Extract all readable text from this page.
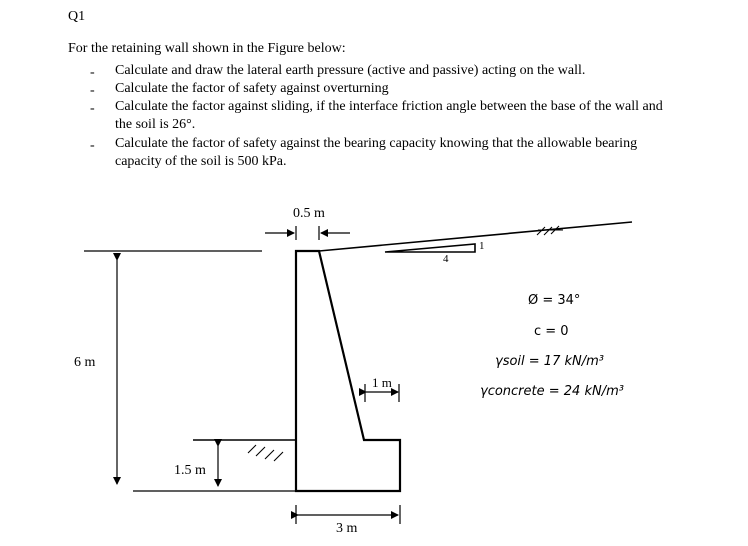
Q1
For the retaining wall shown in the Figure below:
- Calculate and draw the lateral earth pressure (active and passive) acting on the wall.
- Calculate the factor of safety against overturning
- Calculate the factor against sliding, if the interface friction angle between the base of the wall and the soil is 26°.
- Calculate the factor of safety against the bearing capacity knowing that the allowable bearing capacity of the soil is 500 kPa.
0.5 m
6 m
1.5 m
1 m
3 m
1
4
Ø = 34°
c = 0
γsoil = 17 kN/m³
γconcrete = 24 kN/m³
